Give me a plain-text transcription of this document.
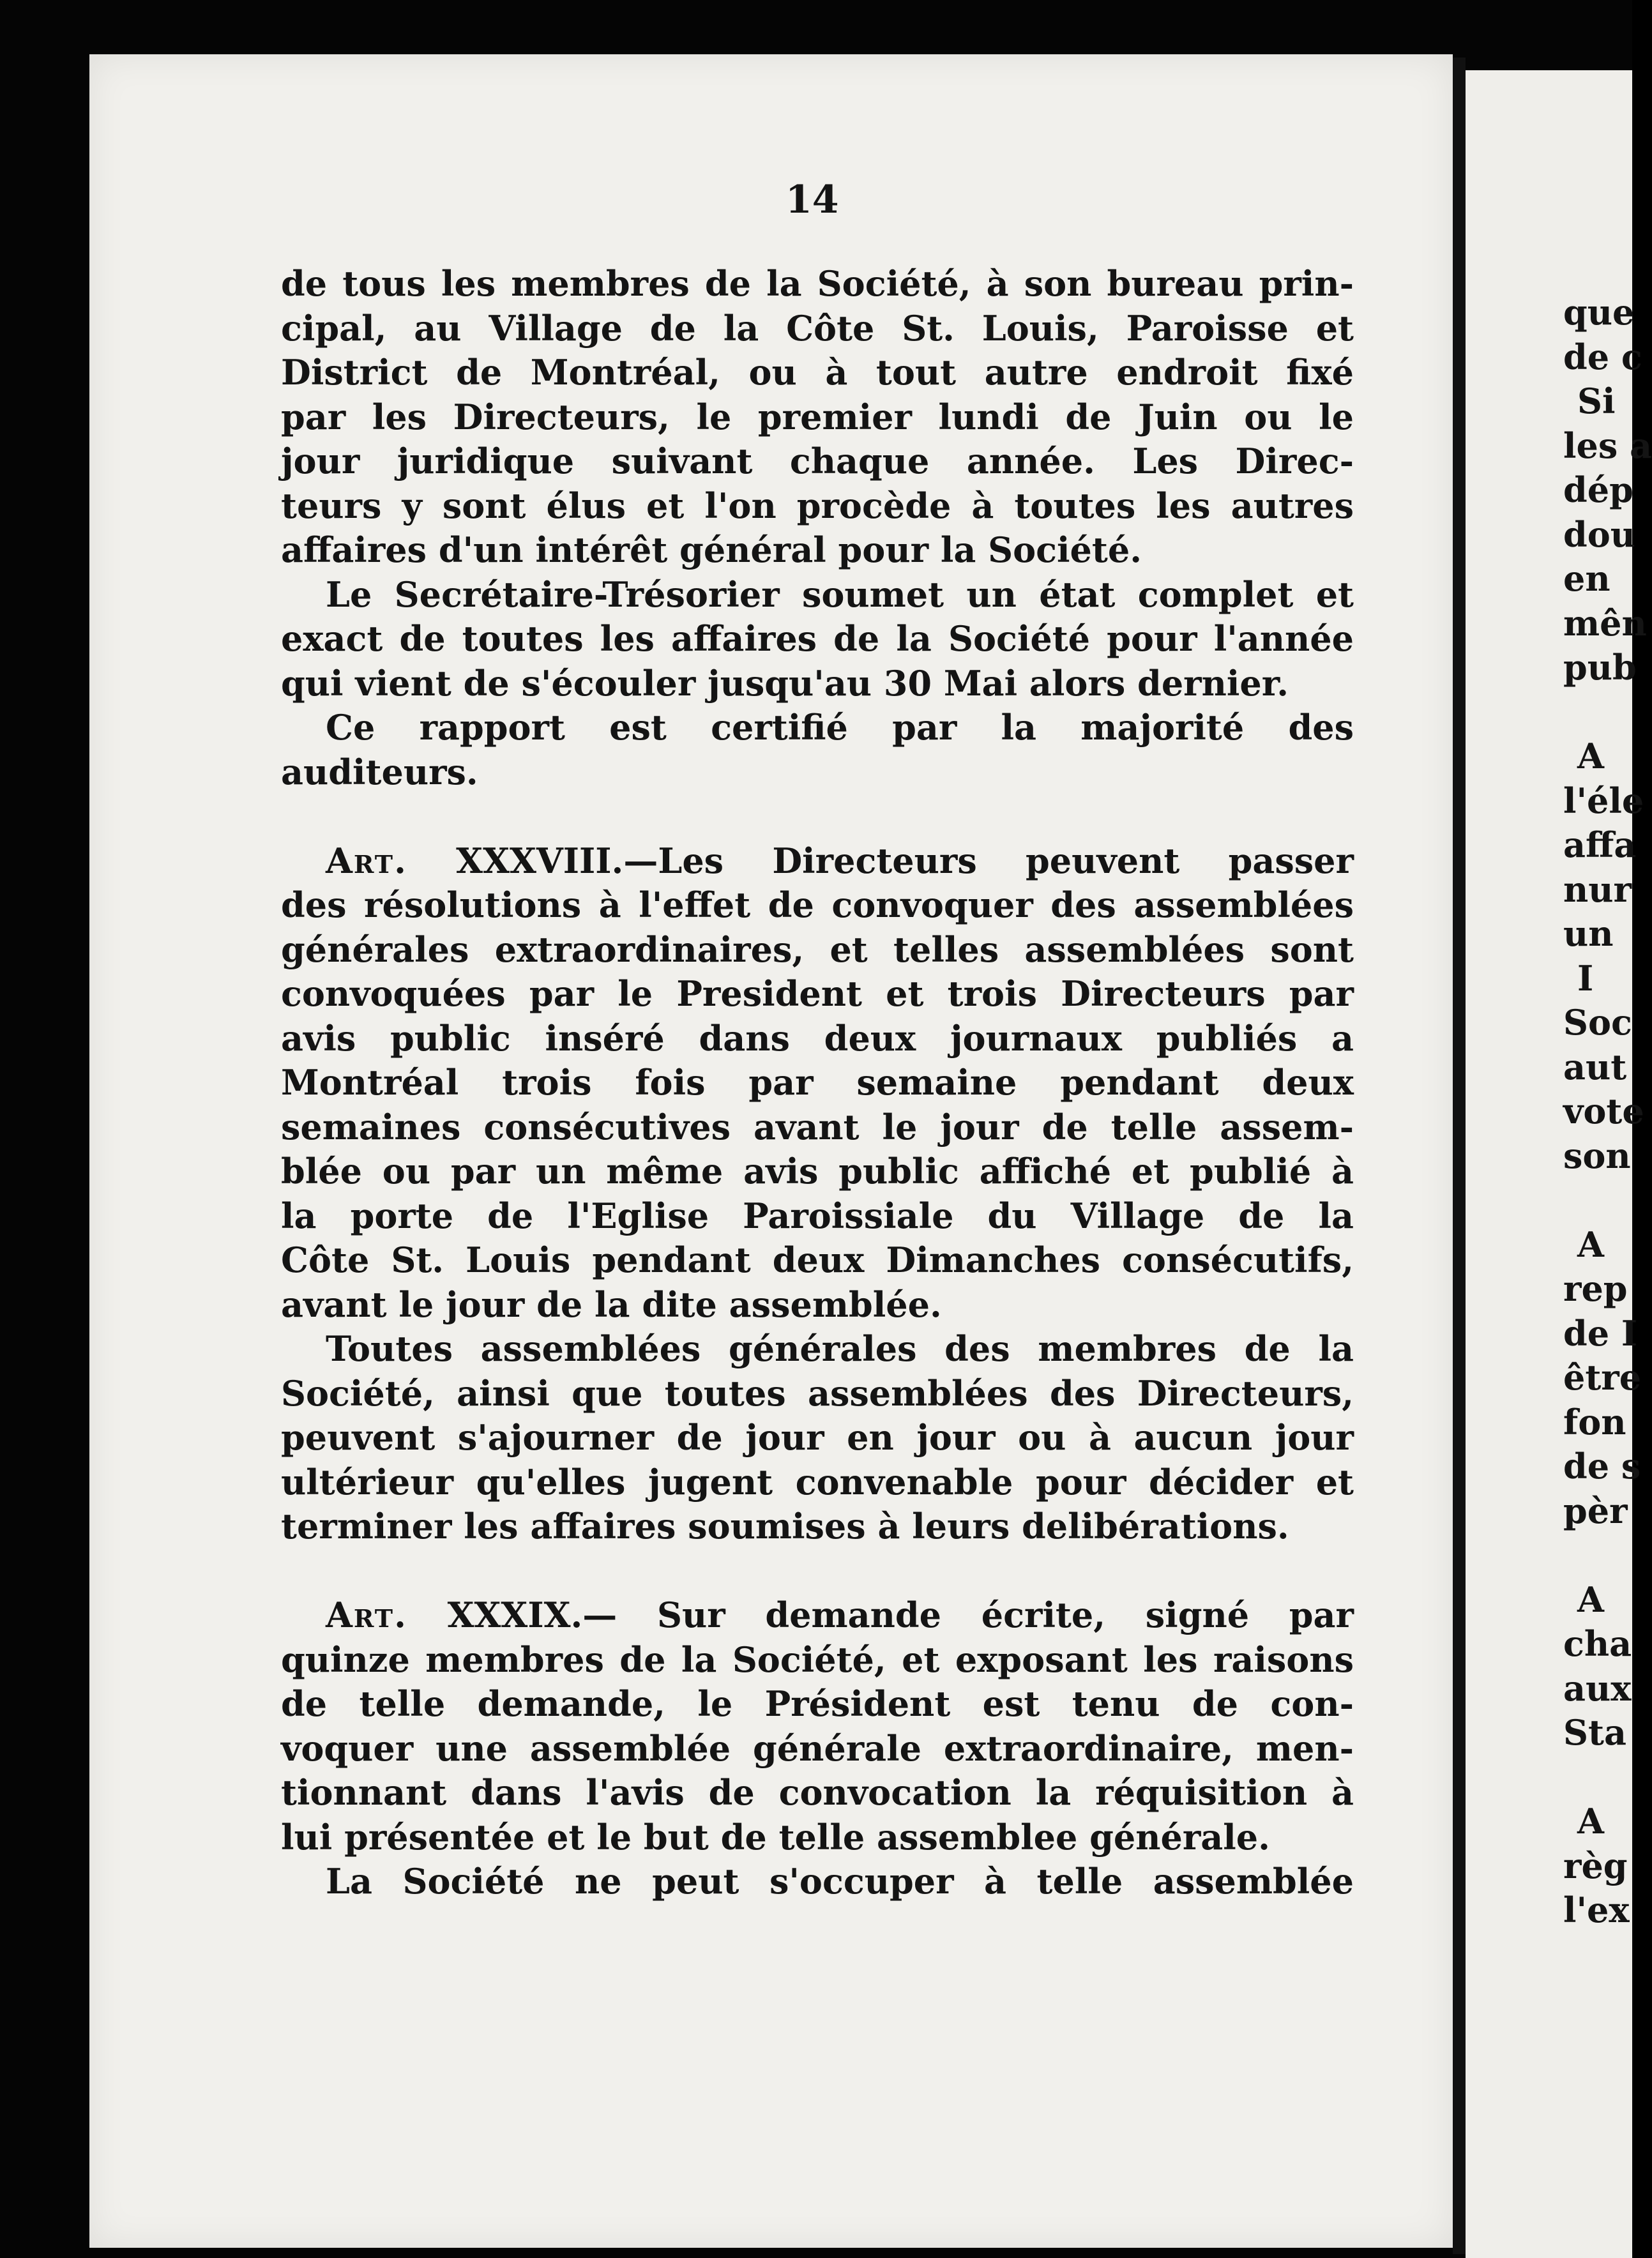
14
de tous les membres de la Société, à son bureau prin-
cipal, au Village de la Côte St. Louis, Paroisse et
District de Montréal, ou à tout autre endroit fixé
par les Directeurs, le premier lundi de Juin ou le
jour juridique suivant chaque année. Les Direc-
teurs y sont élus et l'on procède à toutes les autres
affaires d'un intérêt général pour la Société.
Le Secrétaire-Trésorier soumet un état complet et
exact de toutes les affaires de la Société pour l'année
qui vient de s'écouler jusqu'au 30 Mai alors dernier.
Ce rapport est certifié par la majorité des
auditeurs.
Art. XXXVIII.—Les Directeurs peuvent passer
des résolutions à l'effet de convoquer des assemblées
générales extraordinaires, et telles assemblées sont
convoquées par le President et trois Directeurs par
avis public inséré dans deux journaux publiés a
Montréal trois fois par semaine pendant deux
semaines consécutives avant le jour de telle assem-
blée ou par un même avis public affiché et publié à
la porte de l'Eglise Paroissiale du Village de la
Côte St. Louis pendant deux Dimanches consécutifs,
avant le jour de la dite assemblée.
Toutes assemblées générales des membres de la
Société, ainsi que toutes assemblées des Directeurs,
peuvent s'ajourner de jour en jour ou à aucun jour
ultérieur qu'elles jugent convenable pour décider et
terminer les affaires soumises à leurs delibérations.
Art. XXXIX.— Sur demande écrite, signé par
quinze membres de la Société, et exposant les raisons
de telle demande, le Président est tenu de con-
voquer une assemblée générale extraordinaire, men-
tionnant dans l'avis de convocation la réquisition à
lui présentée et le but de telle assemblee générale.
La Société ne peut s'occuper à telle assemblée
que
de c
Si
les a
dép
dou
en
mên
pub
A
l'éle
affa
nur
un
I
Soc
aut
vote
son
A
rep
de I
être
fon
de s
pèr
A
cha
aux
Sta
A
règ
l'ex
